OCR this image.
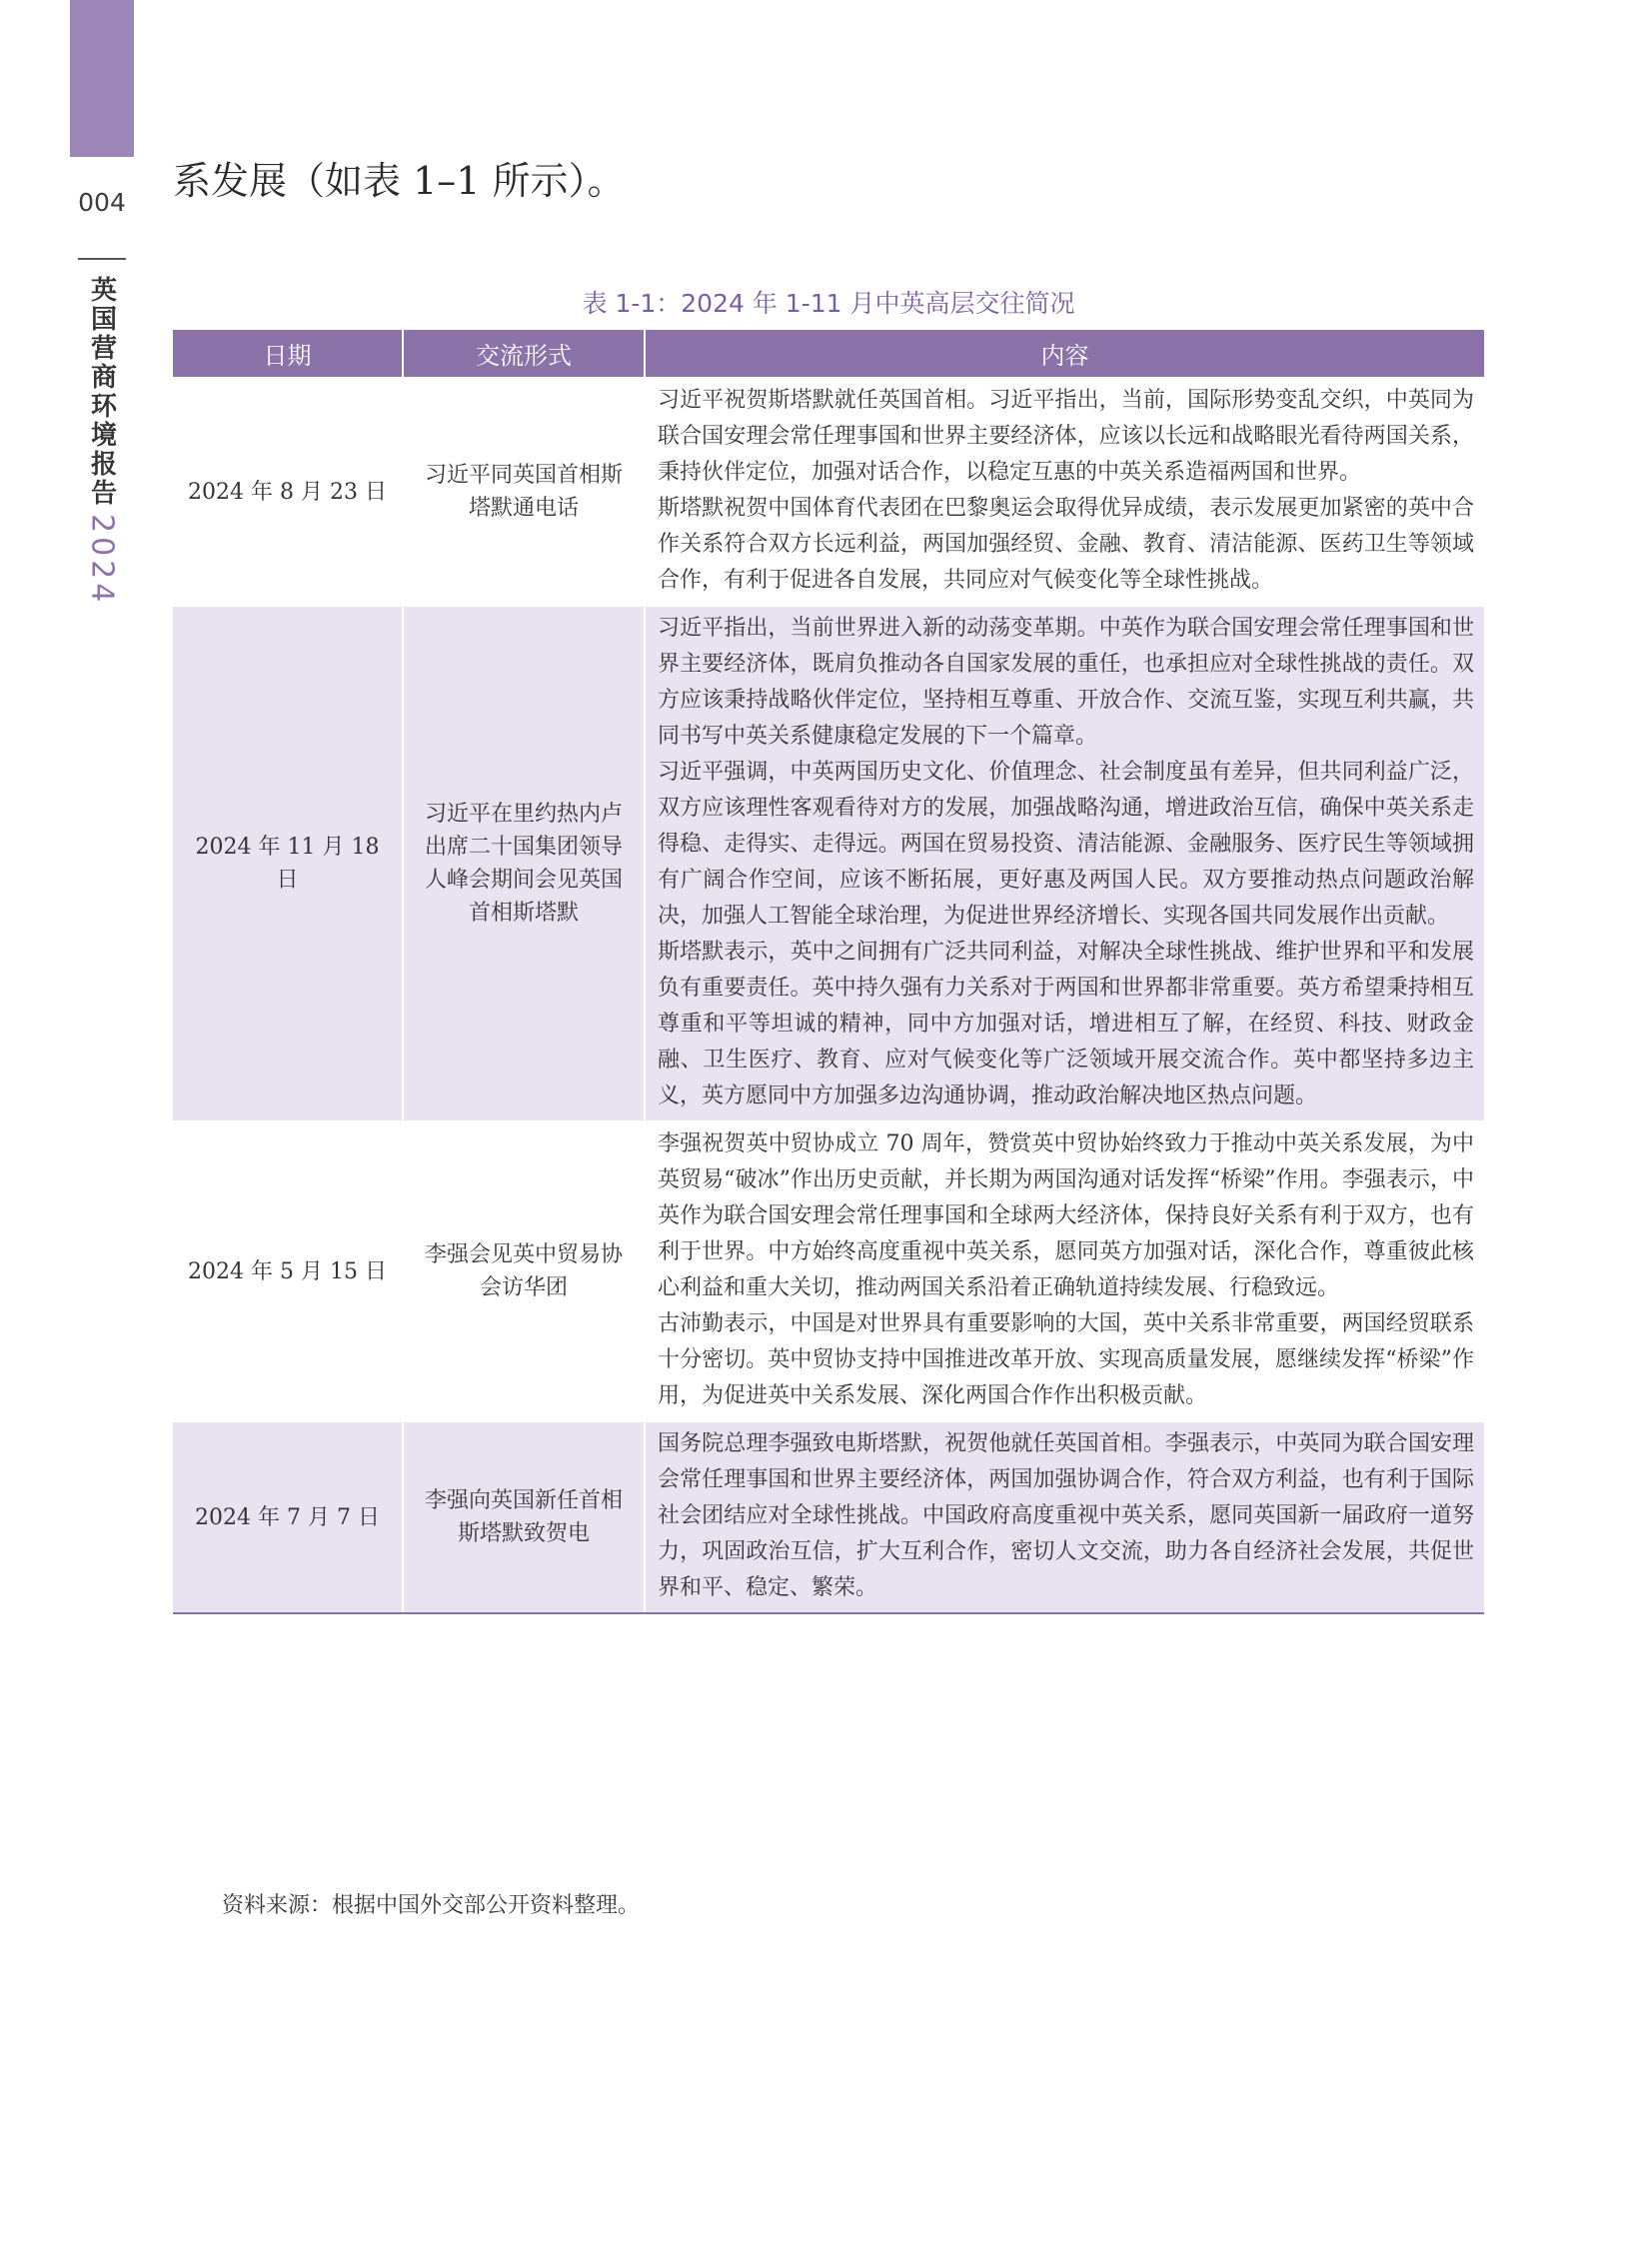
004
英国营商环境报告
2024
系发展（如表 1–1 所示）。
表 1-1：2024 年 1-11 月中英高层交往简况
日期	交流形式	内容
2024 年 8 月 23 日	习近平同英国首相斯塔默通电话	习近平祝贺斯塔默就任英国首相。习近平指出，当前，国际形势变乱交织，中英同为联合国安理会常任理事国和世界主要经济体，应该以长远和战略眼光看待两国关系，秉持伙伴定位，加强对话合作，以稳定互惠的中英关系造福两国和世界。

斯塔默祝贺中国体育代表团在巴黎奥运会取得优异成绩，表示发展更加紧密的英中合作关系符合双方长远利益，两国加强经贸、金融、教育、清洁能源、医药卫生等领域合作，有利于促进各自发展，共同应对气候变化等全球性挑战。

2024 年 11 月 18 日	习近平在里约热内卢出席二十国集团领导人峰会期间会见英国首相斯塔默	习近平指出，当前世界进入新的动荡变革期。中英作为联合国安理会常任理事国和世界主要经济体，既肩负推动各自国家发展的重任，也承担应对全球性挑战的责任。双方应该秉持战略伙伴定位，坚持相互尊重、开放合作、交流互鉴，实现互利共赢，共同书写中英关系健康稳定发展的下一个篇章。

习近平强调，中英两国历史文化、价值理念、社会制度虽有差异，但共同利益广泛，双方应该理性客观看待对方的发展，加强战略沟通，增进政治互信，确保中英关系走得稳、走得实、走得远。两国在贸易投资、清洁能源、金融服务、医疗民生等领域拥有广阔合作空间，应该不断拓展，更好惠及两国人民。双方要推动热点问题政治解决，加强人工智能全球治理，为促进世界经济增长、实现各国共同发展作出贡献。

斯塔默表示，英中之间拥有广泛共同利益，对解决全球性挑战、维护世界和平和发展负有重要责任。英中持久强有力关系对于两国和世界都非常重要。英方希望秉持相互尊重和平等坦诚的精神，同中方加强对话，增进相互了解，在经贸、科技、财政金融、卫生医疗、教育、应对气候变化等广泛领域开展交流合作。英中都坚持多边主义，英方愿同中方加强多边沟通协调，推动政治解决地区热点问题。

2024 年 5 月 15 日	李强会见英中贸易协会访华团	李强祝贺英中贸协成立 70 周年，赞赏英中贸协始终致力于推动中英关系发展，为中英贸易“破冰”作出历史贡献，并长期为两国沟通对话发挥“桥梁”作用。李强表示，中英作为联合国安理会常任理事国和全球两大经济体，保持良好关系有利于双方，也有利于世界。中方始终高度重视中英关系，愿同英方加强对话，深化合作，尊重彼此核心利益和重大关切，推动两国关系沿着正确轨道持续发展、行稳致远。

古沛勤表示，中国是对世界具有重要影响的大国，英中关系非常重要，两国经贸联系十分密切。英中贸协支持中国推进改革开放、实现高质量发展，愿继续发挥“桥梁”作用，为促进英中关系发展、深化两国合作作出积极贡献。

2024 年 7 月 7 日	李强向英国新任首相斯塔默致贺电	国务院总理李强致电斯塔默，祝贺他就任英国首相。李强表示，中英同为联合国安理会常任理事国和世界主要经济体，两国加强协调合作，符合双方利益，也有利于国际社会团结应对全球性挑战。中国政府高度重视中英关系，愿同英国新一届政府一道努力，巩固政治互信，扩大互利合作，密切人文交流，助力各自经济社会发展，共促世界和平、稳定、繁荣。

资料来源：根据中国外交部公开资料整理。
